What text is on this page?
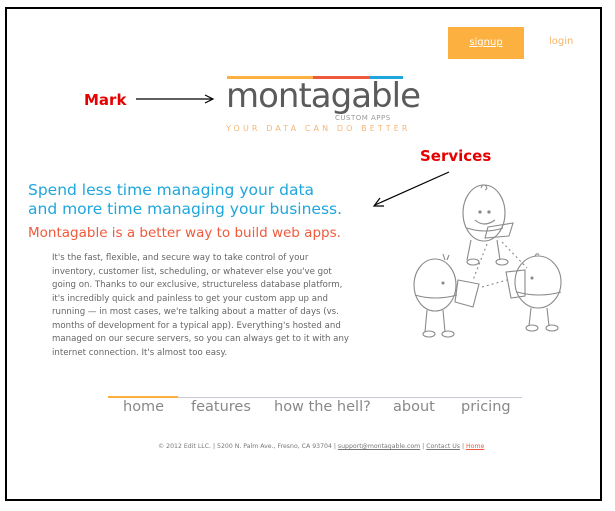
signup	login
Mark	montagable
CUSTOM APPS
YOUR DATA CAN DO BETTER
Services
Spend less time managing your data
and more time managing your business.
Montagable is a better way to build web apps.
It's the fast, flexible, and secure way to take control of your inventory, customer list, scheduling, or whatever else you've got going on. Thanks to our exclusive, structureless database platform, it's incredibly quick and painless to get your custom app up and running — in most cases, we're talking about a matter of days (vs. months of development for a typical app). Everything's hosted and managed on our secure servers, so you can always get to it with any internet connection. It's almost too easy.
home features how the hell? about pricing
© 2012 Edit LLC. | 5200 N. Palm Ave., Fresno, CA 93704 | support@montagable.com | Contact Us | Home
